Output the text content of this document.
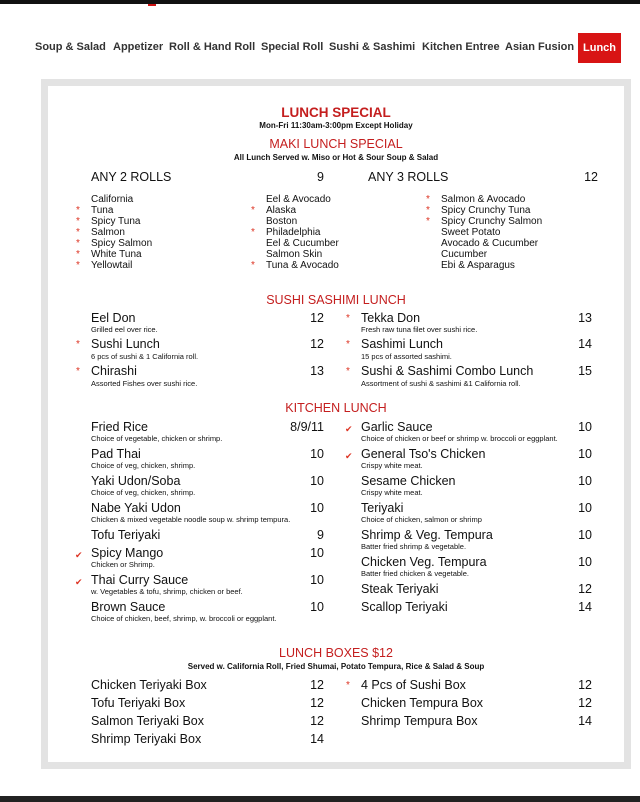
Soup & Salad Appetizer Roll & Hand Roll Special Roll Sushi & Sashimi Kitchen Entree Asian Fusion Lunch
LUNCH SPECIAL
Mon-Fri 11:30am-3:00pm Except Holiday
MAKI LUNCH SPECIAL
All Lunch Served w. Miso or Hot & Sour Soup & Salad
ANY 2 ROLLS	9	ANY 3 ROLLS	12
California
* Tuna
* Spicy Tuna
* Salmon
* Spicy Salmon
* White Tuna
* Yellowtail
Eel & Avocado
* Alaska
Boston
* Philadelphia
Eel & Cucumber
Salmon Skin
* Tuna & Avocado
* Salmon & Avocado
* Spicy Crunchy Tuna
* Spicy Crunchy Salmon
Sweet Potato
Avocado & Cucumber
Cucumber
Ebi & Asparagus
SUSHI SASHIMI LUNCH
Eel Don
Grilled eel over rice.
12
* Sushi Lunch
6 pcs of sushi & 1 California roll.
12
* Chirashi
Assorted Fishes over sushi rice.
13
* Tekka Don
Fresh raw tuna filet over sushi rice.
13
* Sashimi Lunch
15 pcs of assorted sashimi.
14
* Sushi & Sashimi Combo Lunch
Assortment of sushi & sashimi &1 California roll.
15
KITCHEN LUNCH
Fried Rice
Choice of vegetable, chicken or shrimp.
8/9/11
Pad Thai
Choice of veg, chicken, shrimp.
10
Yaki Udon/Soba
Choice of veg, chicken, shrimp.
10
Nabe Yaki Udon
Chicken & mixed vegetable noodle soup w. shrimp tempura.
10
Tofu Teriyaki	9
✔ Spicy Mango
Chicken or Shrimp.
10
✔ Thai Curry Sauce
w. Vegetables & tofu, shrimp, chicken or beef.
10
Brown Sauce
Choice of chicken, beef, shrimp, w. broccoli or eggplant.
10
✔ Garlic Sauce
Choice of chicken or beef or shrimp w. broccoli or eggplant.
10
✔ General Tso's Chicken
Crispy white meat.
10
Sesame Chicken
Crispy white meat.
10
Teriyaki
Choice of chicken, salmon or shrimp
10
Shrimp & Veg. Tempura
Batter fried shrimp & vegetable.
10
Chicken Veg. Tempura
Batter fried chicken & vegetable.
10
Steak Teriyaki	12
Scallop Teriyaki	14
LUNCH BOXES $12
Served w. California Roll, Fried Shumai, Potato Tempura, Rice & Salad & Soup
Chicken Teriyaki Box	12
Tofu Teriyaki Box	12
Salmon Teriyaki Box	12
Shrimp Teriyaki Box	14
* 4 Pcs of Sushi Box	12
Chicken Tempura Box	12
Shrimp Tempura Box	14
